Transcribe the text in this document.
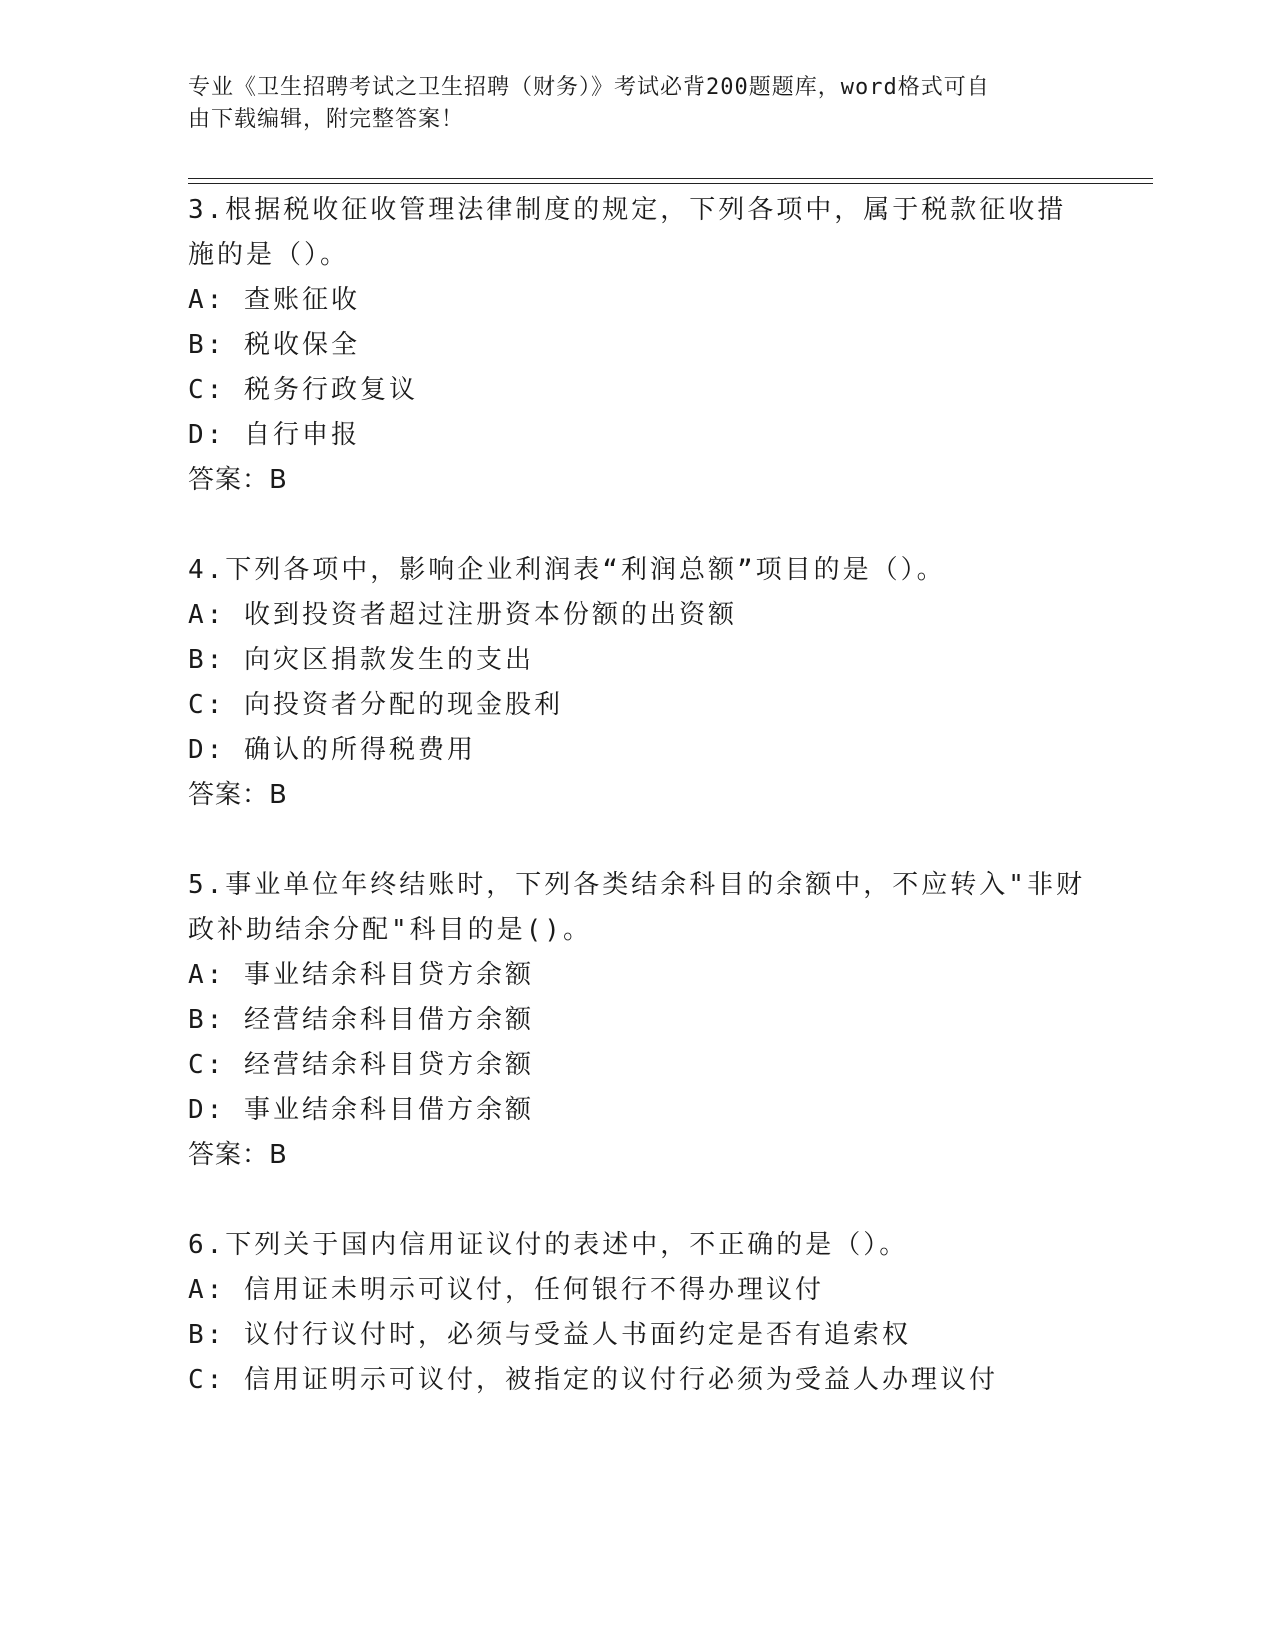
专业《卫生招聘考试之卫生招聘（财务）》考试必背200题题库，word格式可自
由下载编辑，附完整答案！
3.根据税收征收管理法律制度的规定，下列各项中，属于税款征收措
施的是（）。
A: 查账征收
B: 税收保全
C: 税务行政复议
D: 自行申报
答案：B
4.下列各项中，影响企业利润表“利润总额”项目的是（）。
A: 收到投资者超过注册资本份额的出资额
B: 向灾区捐款发生的支出
C: 向投资者分配的现金股利
D: 确认的所得税费用
答案：B
5.事业单位年终结账时，下列各类结余科目的余额中，不应转入"非财
政补助结余分配"科目的是()。
A: 事业结余科目贷方余额
B: 经营结余科目借方余额
C: 经营结余科目贷方余额
D: 事业结余科目借方余额
答案：B
6.下列关于国内信用证议付的表述中，不正确的是（）。
A: 信用证未明示可议付，任何银行不得办理议付
B: 议付行议付时，必须与受益人书面约定是否有追索权
C: 信用证明示可议付，被指定的议付行必须为受益人办理议付
